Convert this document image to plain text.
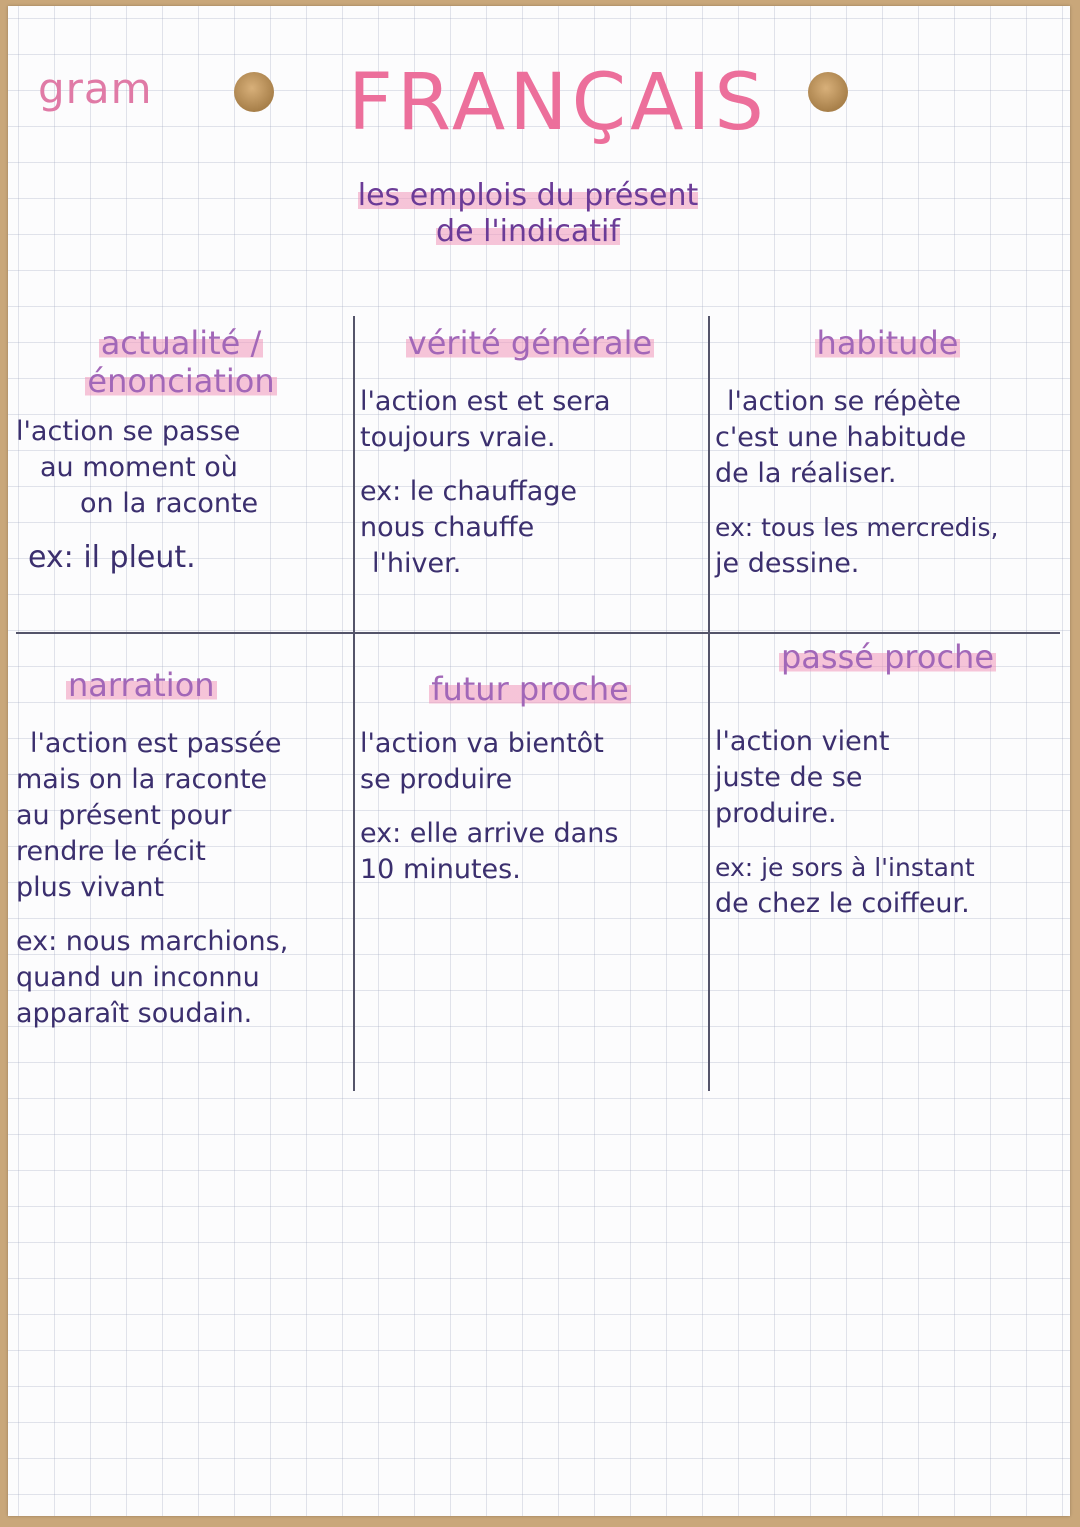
gram	FRANÇAIS
les emplois du présent
de l'indicatif
actualité /
énonciation
l'action se passe
au moment où
on la raconte
ex: il pleut.
vérité générale
l'action est et sera
toujours vraie.
ex: le chauffage
nous chauffe
l'hiver.
habitude
l'action se répète
c'est une habitude
de la réaliser.
ex: tous les mercredis,
je dessine.
narration
l'action est passée
mais on la raconte
au présent pour
rendre le récit
plus vivant
ex: nous marchions,
quand un inconnu
apparaît soudain.
futur proche
l'action va bientôt
se produire
ex: elle arrive dans
10 minutes.
passé proche
l'action vient
juste de se
produire.
ex: je sors à l'instant
de chez le coiffeur.
